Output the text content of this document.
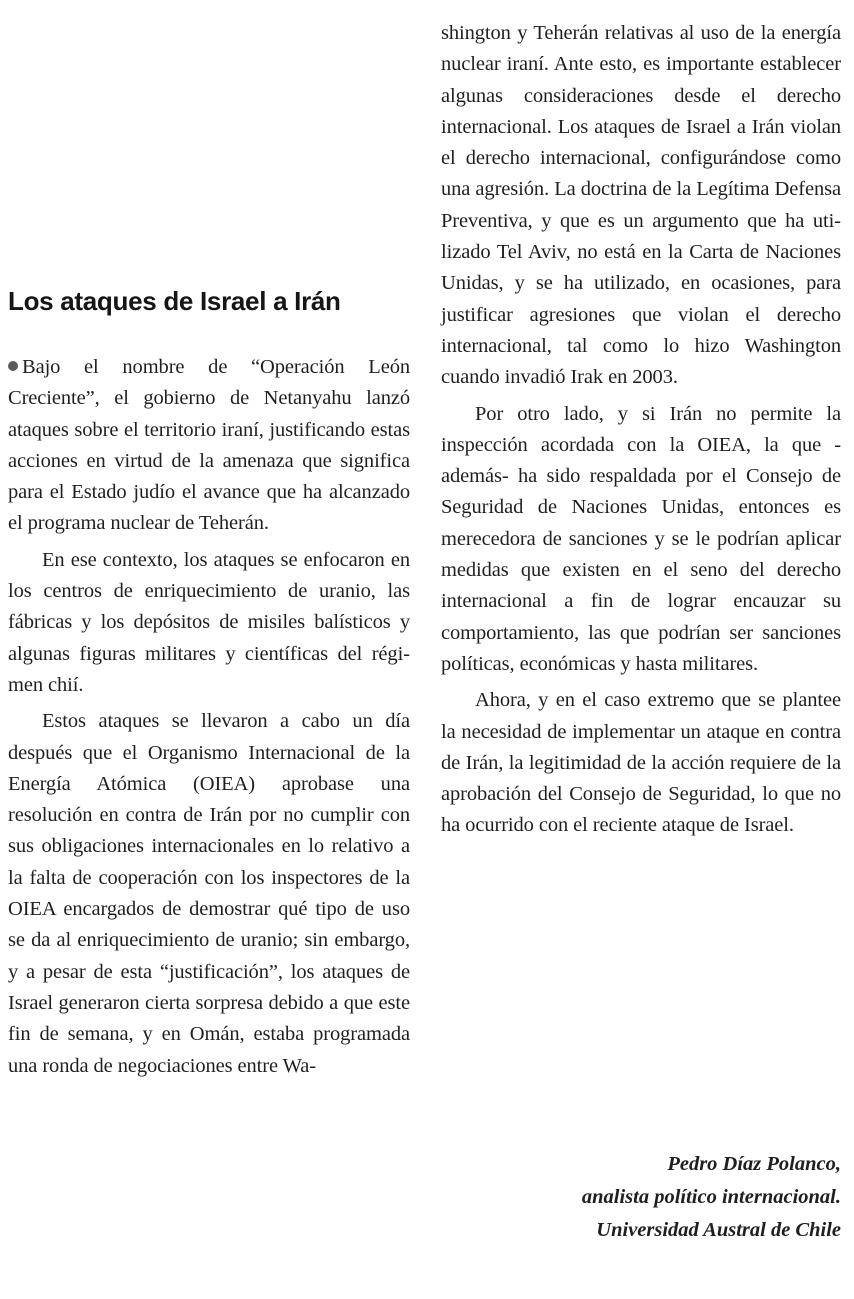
Los ataques de Israel a Irán

Bajo el nombre de “Operación León Creciente”, el gobierno de Netanyahu lanzó ataques sobre el territorio iraní, justificando estas acciones en virtud de la amenaza que significa para el Estado judío el avance que ha alcanzado el programa nuclear de Teherán.

En ese contexto, los ataques se enfocaron en los centros de enriquecimiento de uranio, las fábricas y los depósitos de misiles balísticos y algunas figuras militares y científicas del régimen chií.

Estos ataques se llevaron a cabo un día después que el Organismo Internacional de la Energía Atómica (OIEA) aprobase una resolución en contra de Irán por no cumplir con sus obligaciones internacionales en lo relativo a la falta de cooperación con los inspectores de la OIEA encargados de demostrar qué tipo de uso se da al enriquecimiento de uranio; sin embargo, y a pesar de esta “justificación”, los ataques de Israel generaron cierta sorpresa debido a que este fin de semana, y en Omán, estaba programada una ronda de negociaciones entre Wa-

shington y Teherán relativas al uso de la energía nuclear iraní. Ante esto, es importante establecer algunas consideraciones desde el derecho internacional. Los ataques de Israel a Irán violan el derecho internacional, configurándose como una agresión. La doctrina de la Legítima Defensa Preventiva, y que es un argumento que ha utilizado Tel Aviv, no está en la Carta de Naciones Unidas, y se ha utilizado, en ocasiones, para justificar agresiones que violan el derecho internacional, tal como lo hizo Washington cuando invadió Irak en 2003.

Por otro lado, y si Irán no permite la inspección acordada con la OIEA, la que -además- ha sido respaldada por el Consejo de Seguridad de Naciones Unidas, entonces es merecedora de sanciones y se le podrían aplicar medidas que existen en el seno del derecho internacional a fin de lograr encauzar su comportamiento, las que podrían ser sanciones políticas, económicas y hasta militares.

Ahora, y en el caso extremo que se plantee la necesidad de implementar un ataque en contra de Irán, la legitimidad de la acción requiere de la aprobación del Consejo de Seguridad, lo que no ha ocurrido con el reciente ataque de Israel.

Pedro Díaz Polanco,
analista político internacional.
Universidad Austral de Chile
